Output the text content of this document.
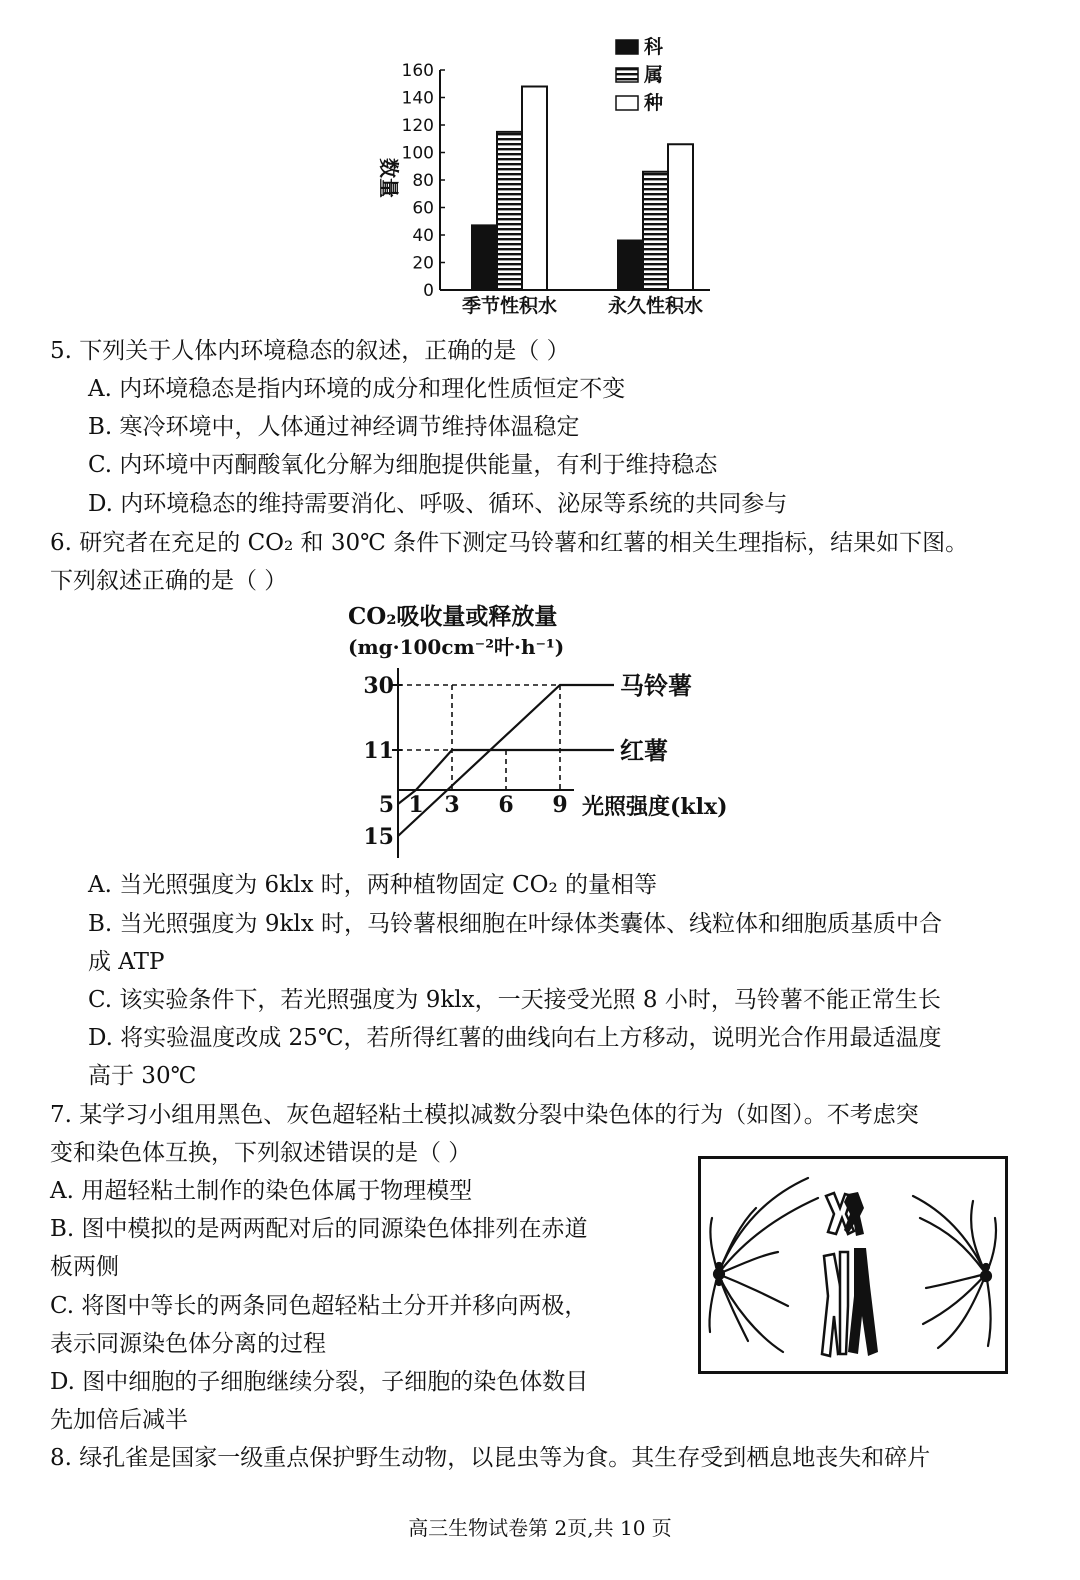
0
20
40
60
80
100
120
140
160
季节性积水	永久性积水
数量
科
属
种
5. 下列关于人体内环境稳态的叙述，正确的是（ ）
A. 内环境稳态是指内环境的成分和理化性质恒定不变
B. 寒冷环境中，人体通过神经调节维持体温稳定
C. 内环境中丙酮酸氧化分解为细胞提供能量，有利于维持稳态
D. 内环境稳态的维持需要消化、呼吸、循环、泌尿等系统的共同参与
6. 研究者在充足的 CO₂ 和 30℃ 条件下测定马铃薯和红薯的相关生理指标，结果如下图。
下列叙述正确的是（ ）
CO₂吸收量或释放量
(mg·100cm⁻²叶·h⁻¹)
30
11
5
15
1 3 6 9 光照强度(klx)
马铃薯
红薯
A. 当光照强度为 6klx 时，两种植物固定 CO₂ 的量相等
B. 当光照强度为 9klx 时，马铃薯根细胞在叶绿体类囊体、线粒体和细胞质基质中合
成 ATP
C. 该实验条件下，若光照强度为 9klx，一天接受光照 8 小时，马铃薯不能正常生长
D. 将实验温度改成 25℃，若所得红薯的曲线向右上方移动，说明光合作用最适温度
高于 30℃
7. 某学习小组用黑色、灰色超轻粘土模拟减数分裂中染色体的行为（如图）。不考虑突
变和染色体互换，下列叙述错误的是（ ）
A. 用超轻粘土制作的染色体属于物理模型
B. 图中模拟的是两两配对后的同源染色体排列在赤道
板两侧
C. 将图中等长的两条同色超轻粘土分开并移向两极，
表示同源染色体分离的过程
D. 图中细胞的子细胞继续分裂，子细胞的染色体数目
先加倍后减半
8. 绿孔雀是国家一级重点保护野生动物，以昆虫等为食。其生存受到栖息地丧失和碎片
高三生物试卷第 2页,共 10 页
